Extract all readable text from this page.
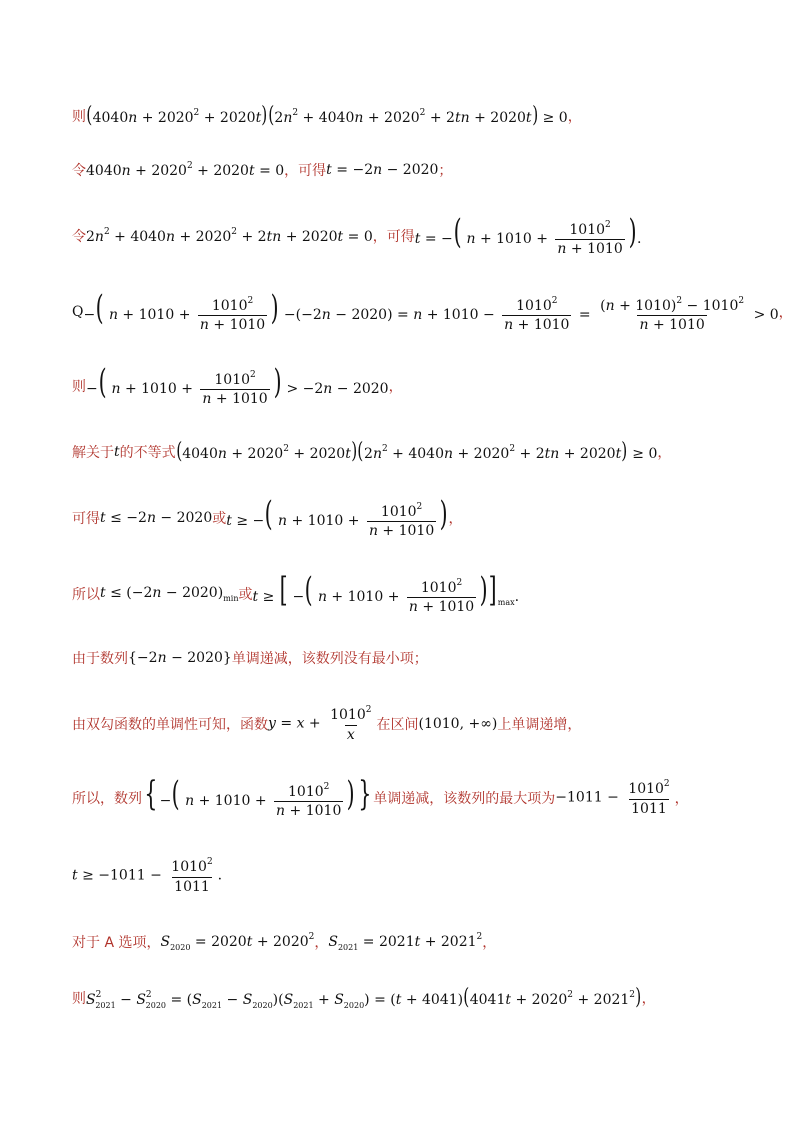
则 $(4040n + 2020^2 + 2020t)(2n^2 + 4040n + 2020^2 + 2tn + 2020t) \ge 0$ ，
令 $4040n + 2020^2 + 2020t = 0$ ，可得 t = −2n − 2020 ；
令 $2n^2 + 4040n + 2020^2 + 2tn + 2020t = 0$ ，可得 t = −( $n + 1010 + \frac{1010^2}{n + 1010}$ ).
Q −( $n + 1010 + \frac{1010^2}{n + 1010}$ ) $-(-2n - 2020) = n + 1010 - \frac{1010^2}{n + 1010} = \frac{(n + 1010)^2 - 1010^2}{n + 1010} > 0$ ，
则 −( $n + 1010 + \frac{1010^2}{n + 1010}$ ) > −2n − 2020 ，
解关于 t 的不等式 $(4040n + 2020^2 + 2020t)(2n^2 + 4040n + 2020^2 + 2tn + 2020t) \ge 0$ ，
可得 t ≤ −2n − 2020 或 t ≥ −( $n + 1010 + \frac{1010^2}{n + 1010}$ ) ，
所以 $t \le (-2n - 2020)_{min}$ 或 t ≥ [ −( $n + 1010 + \frac{1010^2}{n + 1010} )]_{max}$.
由于数列 {−2n − 2020} 单调递减，该数列没有最小项；
由双勾函数的单调性可知，函数 $y = x + \frac{1010^2}{x}$ 在区间 (1010, +∞) 上单调递增，
所以，数列 { −( $n + 1010 + \frac{1010^2}{n + 1010}$ )} 单调递减，该数列的最大项为 $-1011 - \frac{1010^2}{1011}$ ，
$t \ge -1011 - \frac{1010^2}{1011}$ .
对于 A 选项， $S_{2020} = 2020t + 2020^2$ ， $S_{2021} = 2021t + 2021^2$ ，
则 $S^2_{2021} - S^2_{2020} = (S_{2021} - S_{2020})(S_{2021} + S_{2020}) = (t + 4041)(4041t + 2020^2 + 2021^2)$ ，
